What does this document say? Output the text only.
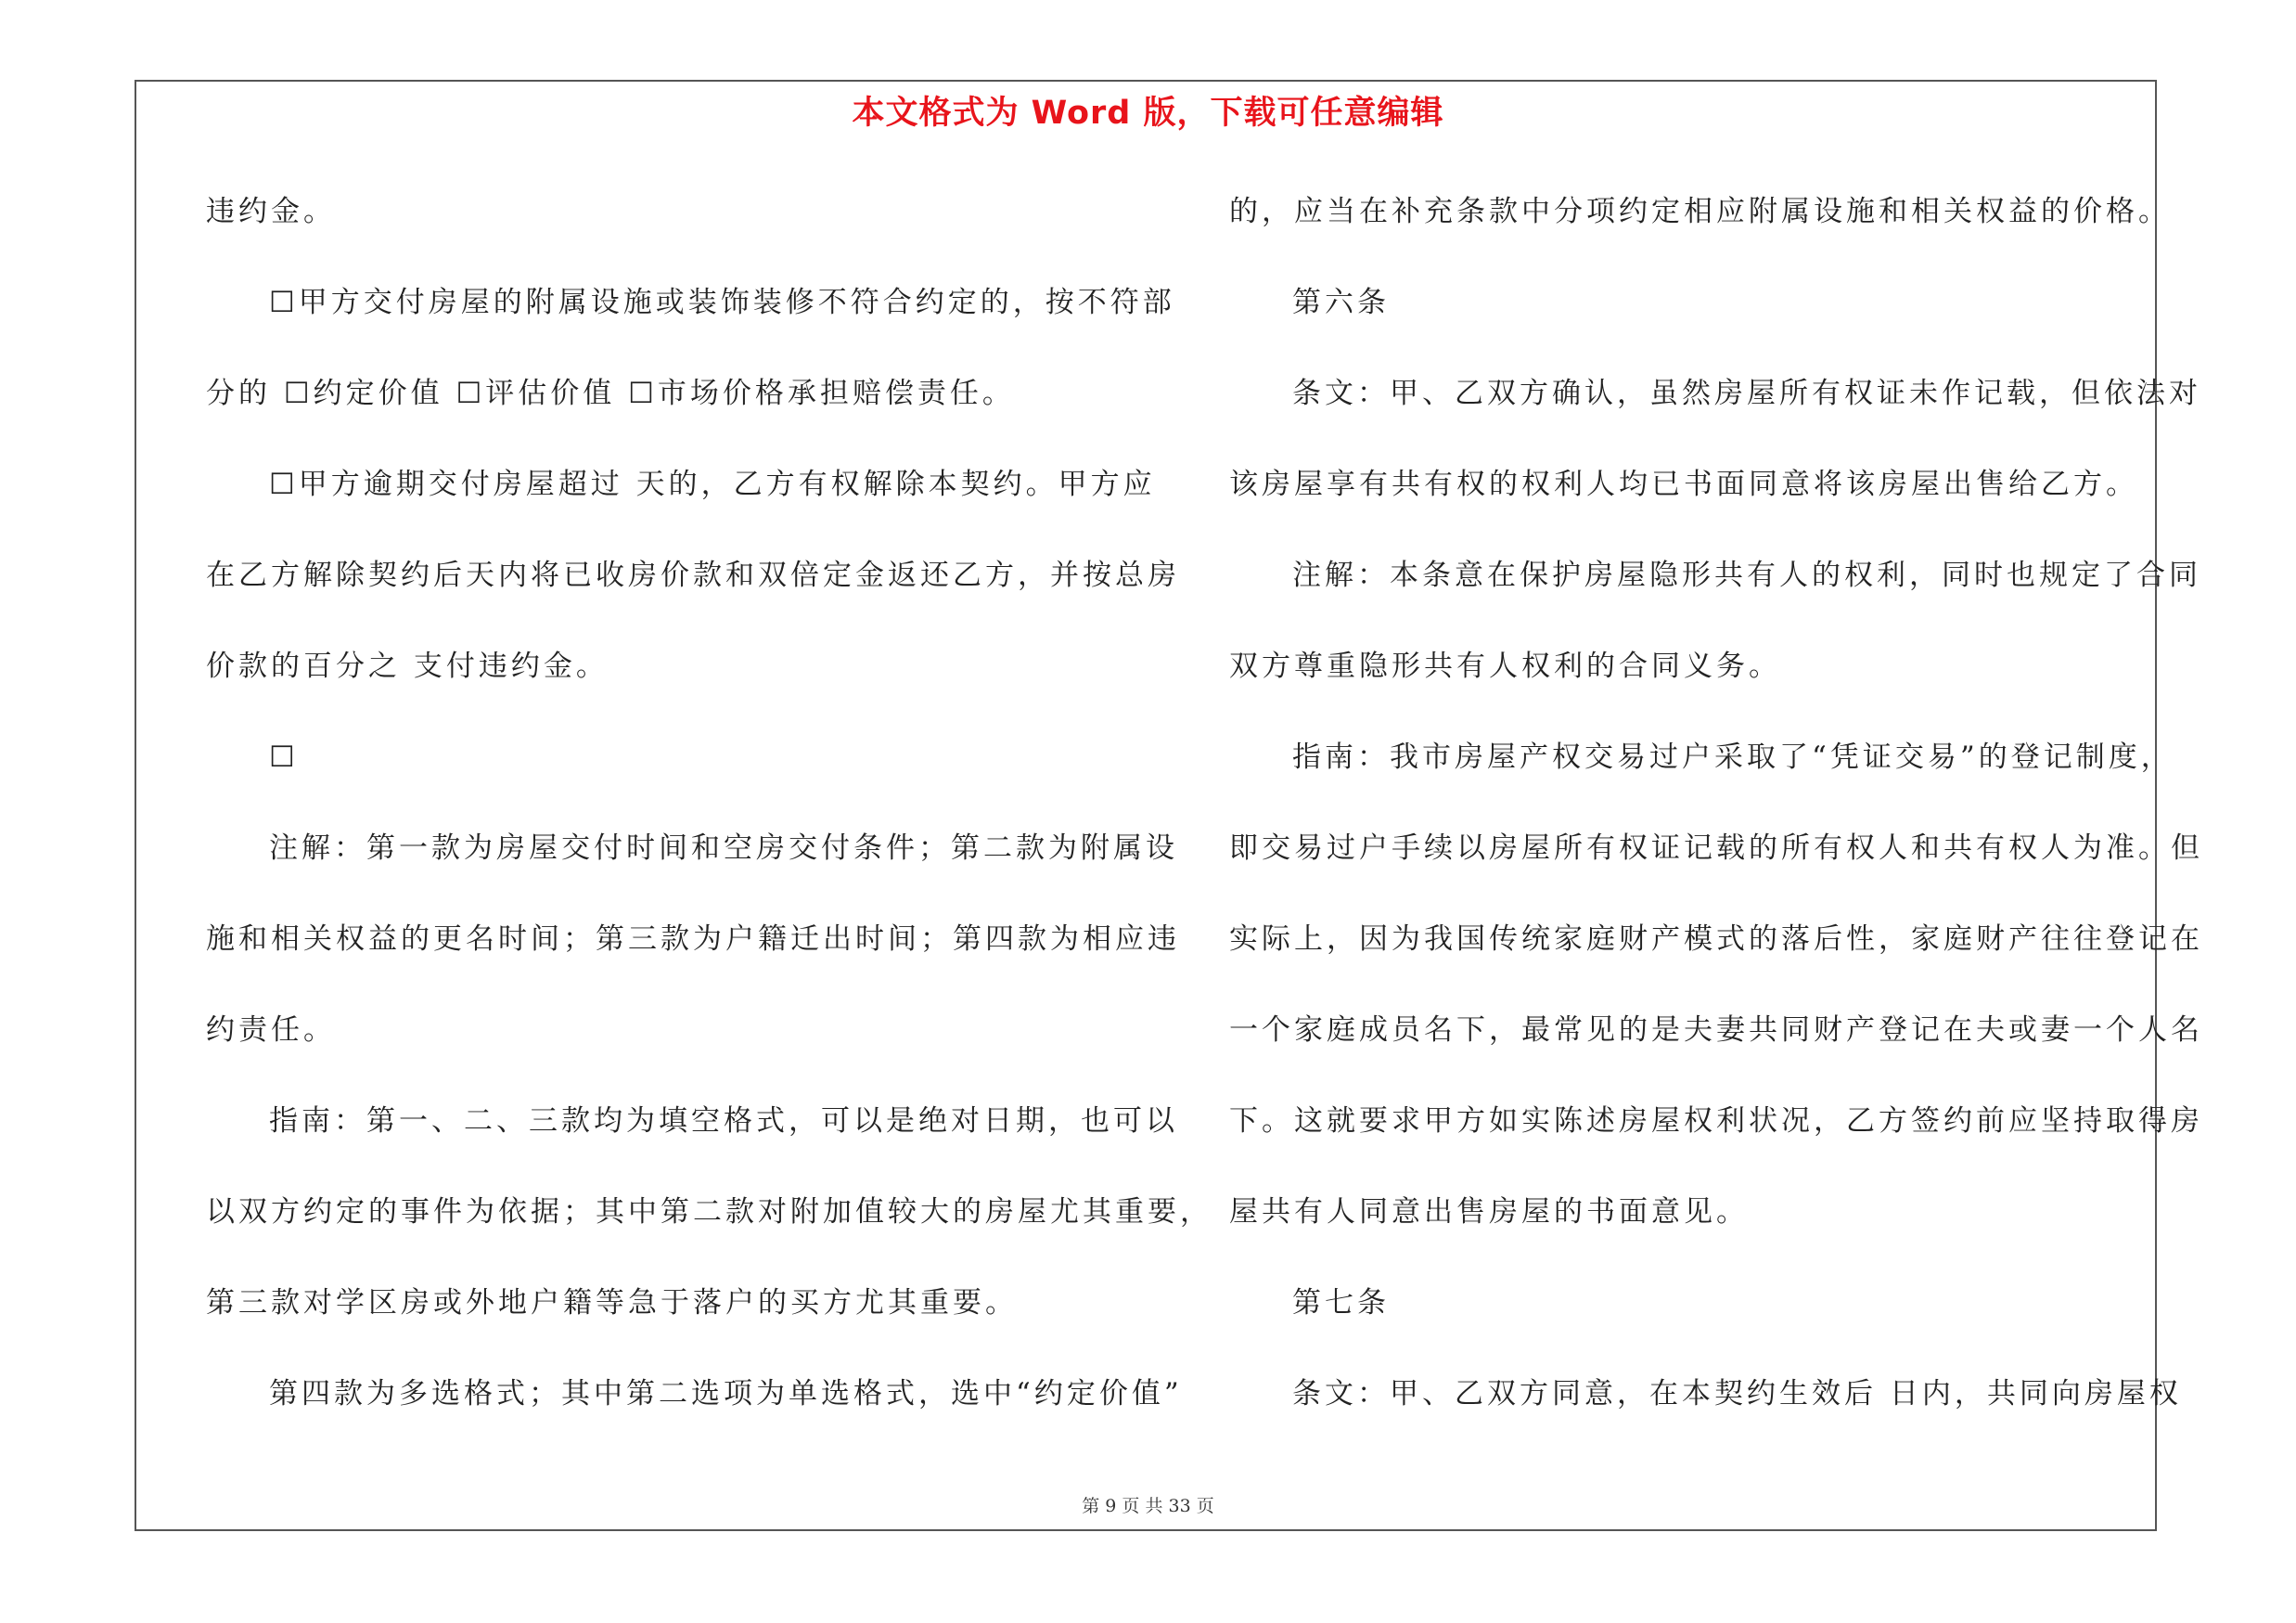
本文格式为 Word 版，下载可任意编辑
违约金。
☐甲方交付房屋的附属设施或装饰装修不符合约定的，按不符部
分的 ☐约定价值 ☐评估价值 ☐市场价格承担赔偿责任。
☐甲方逾期交付房屋超过 天的，乙方有权解除本契约。甲方应
在乙方解除契约后天内将已收房价款和双倍定金返还乙方，并按总房
价款的百分之 支付违约金。
☐
注解：第一款为房屋交付时间和空房交付条件；第二款为附属设
施和相关权益的更名时间；第三款为户籍迁出时间；第四款为相应违
约责任。
指南：第一、二、三款均为填空格式，可以是绝对日期，也可以
以双方约定的事件为依据；其中第二款对附加值较大的房屋尤其重要，
第三款对学区房或外地户籍等急于落户的买方尤其重要。
第四款为多选格式；其中第二选项为单选格式，选中“约定价值”
的，应当在补充条款中分项约定相应附属设施和相关权益的价格。
第六条
条文：甲、乙双方确认，虽然房屋所有权证未作记载，但依法对
该房屋享有共有权的权利人均已书面同意将该房屋出售给乙方。
注解：本条意在保护房屋隐形共有人的权利，同时也规定了合同
双方尊重隐形共有人权利的合同义务。
指南：我市房屋产权交易过户采取了“凭证交易”的登记制度，
即交易过户手续以房屋所有权证记载的所有权人和共有权人为准。但
实际上，因为我国传统家庭财产模式的落后性，家庭财产往往登记在
一个家庭成员名下，最常见的是夫妻共同财产登记在夫或妻一个人名
下。这就要求甲方如实陈述房屋权利状况，乙方签约前应坚持取得房
屋共有人同意出售房屋的书面意见。
第七条
条文：甲、乙双方同意，在本契约生效后 日内，共同向房屋权
第 9 页 共 33 页
